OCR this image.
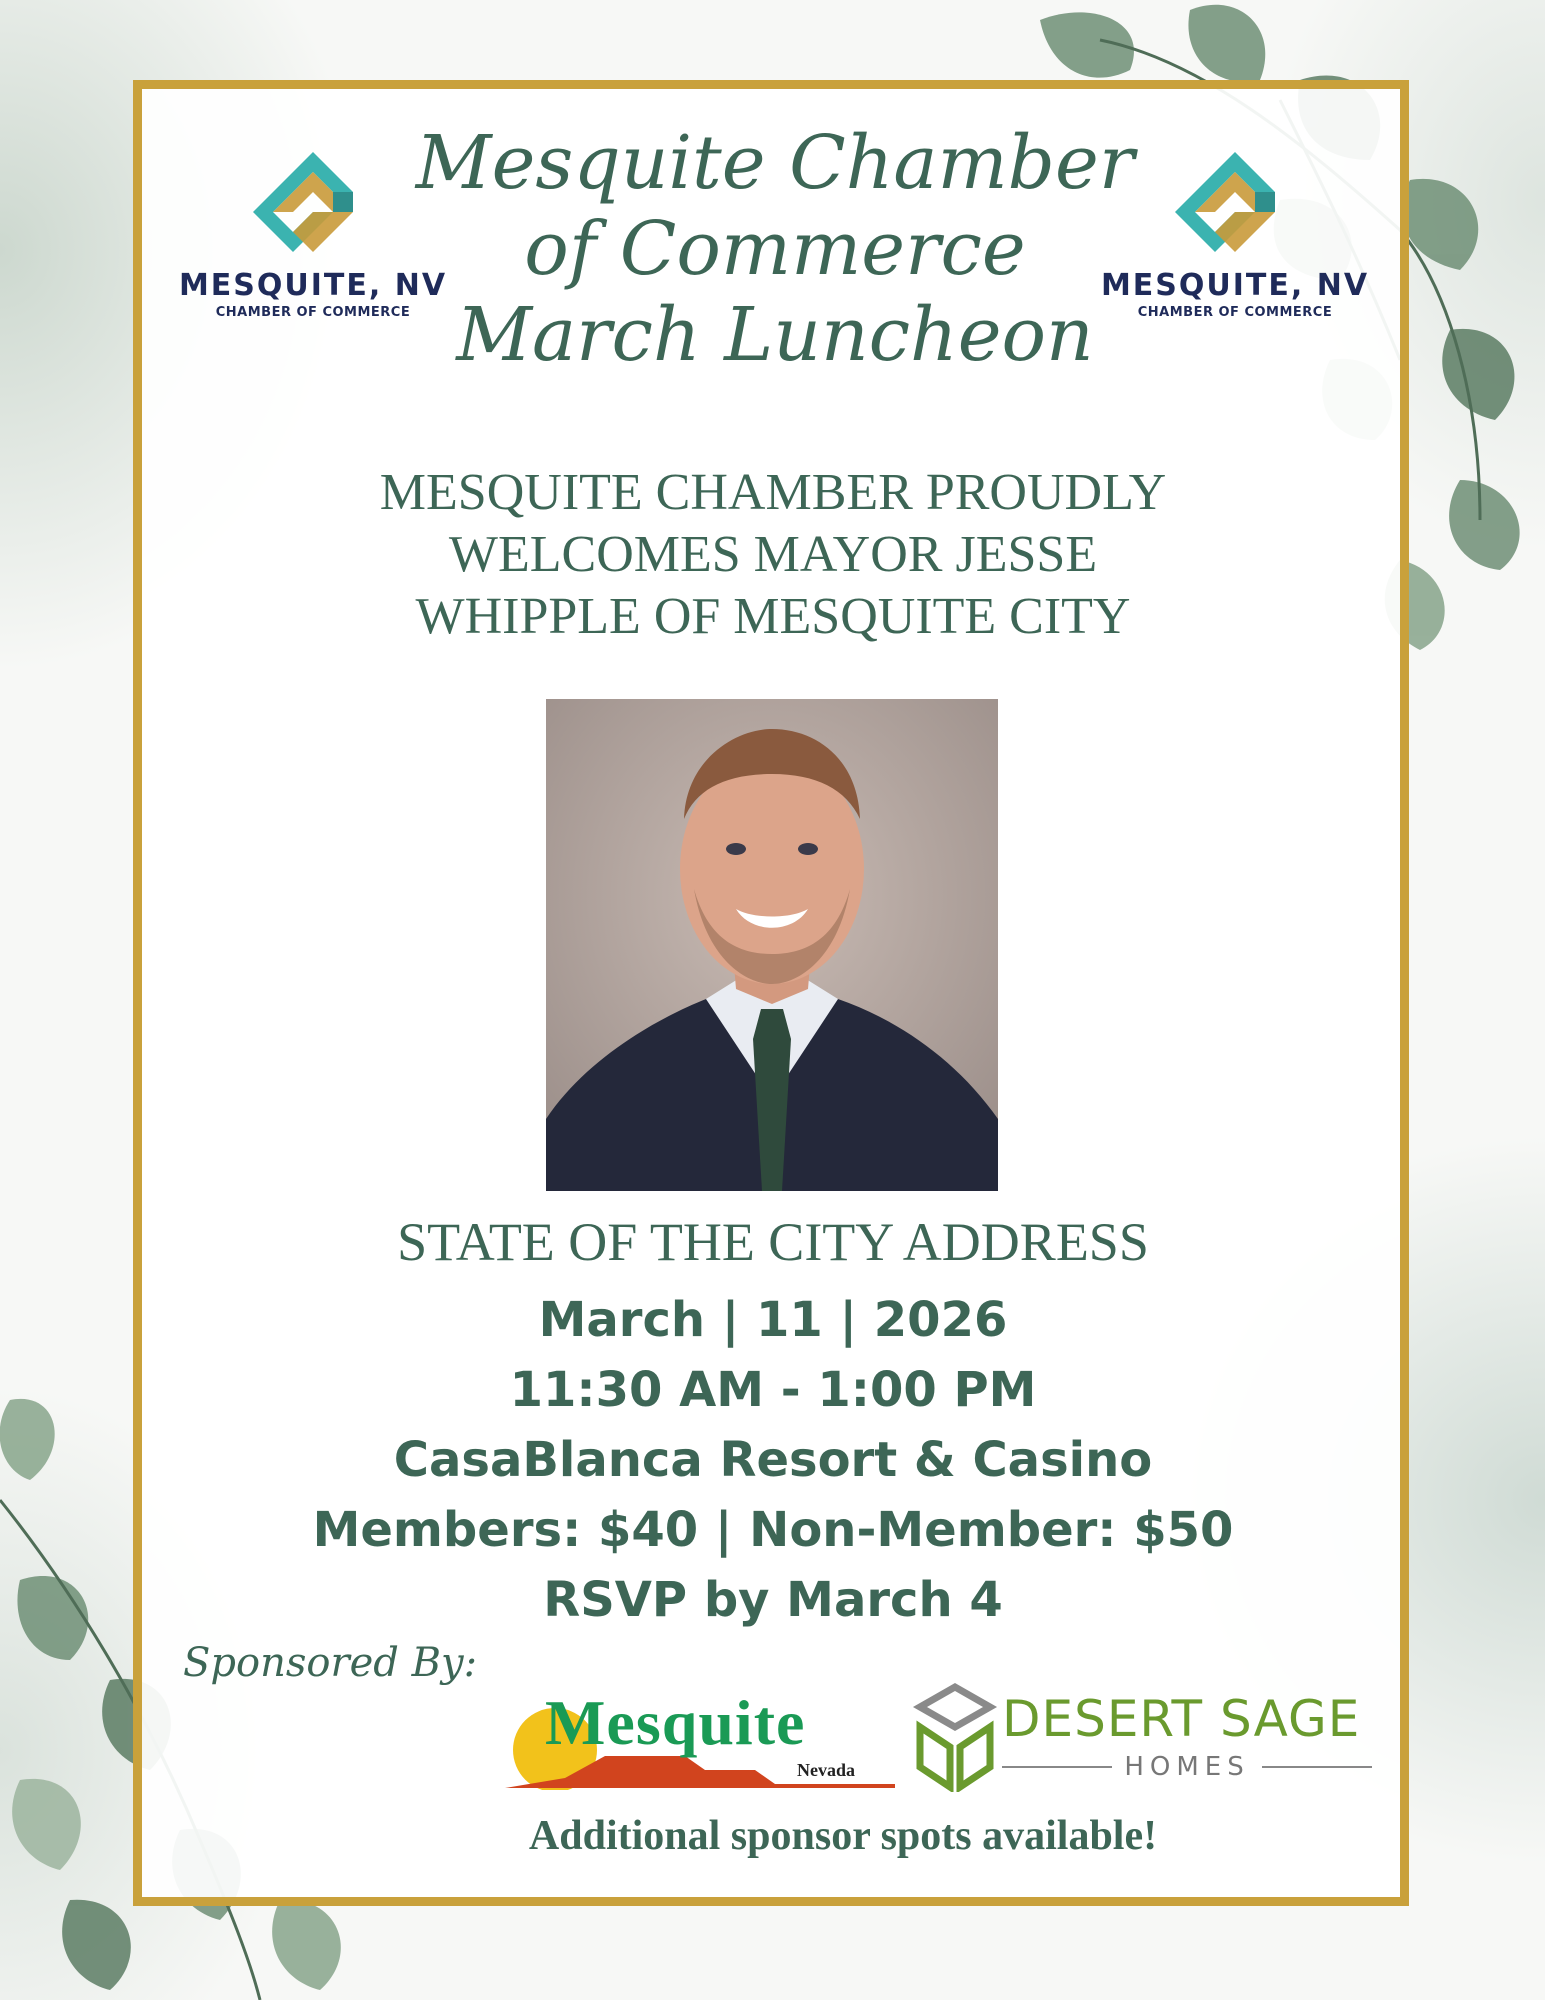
MESQUITE, NV
CHAMBER OF COMMERCE
MESQUITE, NV
CHAMBER OF COMMERCE
Mesquite Chamber
of Commerce
March Luncheon
MESQUITE CHAMBER PROUDLY
WELCOMES MAYOR JESSE
WHIPPLE OF MESQUITE CITY
STATE OF THE CITY ADDRESS
March | 11 | 2026
11:30 AM - 1:00 PM
CasaBlanca Resort & Casino
Members: $40 | Non-Member: $50
RSVP by March 4
Sponsored By:
Mesquite
Nevada
DESERT SAGE
HOMES
Additional sponsor spots available!
